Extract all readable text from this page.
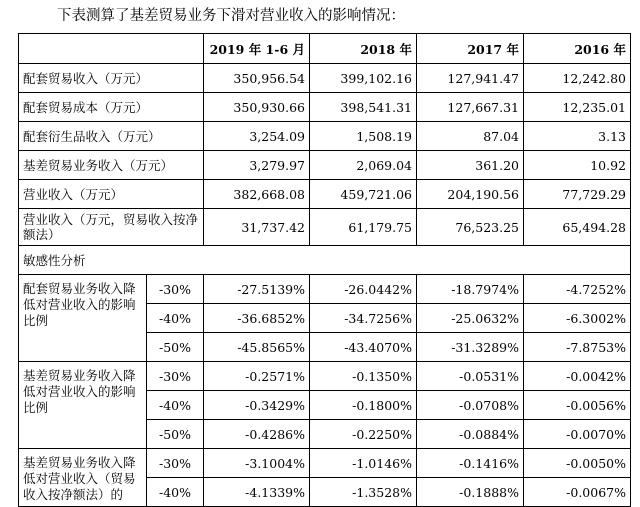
下表测算了基差贸易业务下滑对营业收入的影响情况：
		2019 年 1-6 月	2018 年	2017 年	2016 年
配套贸易收入（万元）		350,956.54	399,102.16	127,941.47	12,242.80
配套贸易成本（万元）		350,930.66	398,541.31	127,667.31	12,235.01
配套衍生品收入（万元）		3,254.09	1,508.19	87.04	3.13
基差贸易业务收入（万元）		3,279.97	2,069.04	361.20	10.92
营业收入（万元）		382,668.08	459,721.06	204,190.56	77,729.29
营业收入（万元，贸易收入按净额法）		31,737.42	61,179.75	76,523.25	65,494.28
敏感性分析					
配套贸易业务收入降低对营业收入的影响比例	-30%	-27.5139%	-26.0442%	-18.7974%	-4.7252%
	-40%	-36.6852%	-34.7256%	-25.0632%	-6.3002%
	-50%	-45.8565%	-43.4070%	-31.3289%	-7.8753%
基差贸易业务收入降低对营业收入的影响比例	-30%	-0.2571%	-0.1350%	-0.0531%	-0.0042%
	-40%	-0.3429%	-0.1800%	-0.0708%	-0.0056%
	-50%	-0.4286%	-0.2250%	-0.0884%	-0.0070%
基差贸易业务收入降低对营业收入（贸易收入按净额法）的	-30%	-3.1004%	-1.0146%	-0.1416%	-0.0050%
	-40%	-4.1339%	-1.3528%	-0.1888%	-0.0067%
